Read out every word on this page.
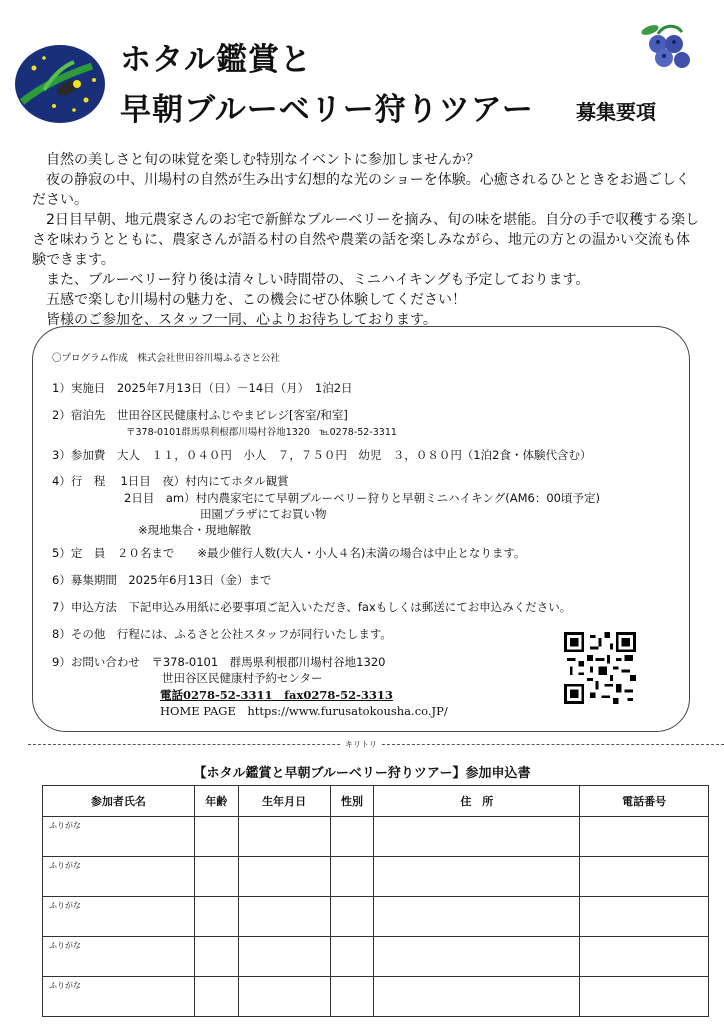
ホタル鑑賞と
早朝ブルーベリー狩りツアー 募集要項

　自然の美しさと旬の味覚を楽しむ特別なイベントに参加しませんか？

　夜の静寂の中、川場村の自然が生み出す幻想的な光のショーを体験。心癒されるひとときをお過ごしください。

　2日目早朝、地元農家さんのお宅で新鮮なブルーベリーを摘み、旬の味を堪能。自分の手で収穫する楽しさを味わうとともに、農家さんが語る村の自然や農業の話を楽しみながら、地元の方との温かい交流も体験できます。

　また、ブルーベリー狩り後は清々しい時間帯の、ミニハイキングも予定しております。

　五感で楽しむ川場村の魅力を、この機会にぜひ体験してください！

　皆様のご参加を、スタッフ一同、心よりお待ちしております。

〇プログラム作成　株式会社世田谷川場ふるさと公社
1）実施日　2025年7月13日（日）－14日（月）　1泊2日
2）宿泊先　世田谷区民健康村ふじやまビレジ[客室/和室]
〒378-0101群馬県利根郡川場村谷地1320　℡0278-52-3311
3）参加費　大人　１１，０４０円　小人　７，７５０円　幼児　３，０８０円（1泊2食・体験代含む）
4）行　程　 1日目　夜）村内にてホタル観賞
2日目　am）村内農家宅にて早朝ブルーベリー狩りと早朝ミニハイキング(AM6：00頃予定)
田園プラザにてお買い物
※現地集合・現地解散
5）定　員　２０名まで　　※最少催行人数(大人・小人４名)未満の場合は中止となります。
6）募集期間　2025年6月13日（金）まで
7）申込方法　下記申込み用紙に必要事項ご記入いただき、faxもしくは郵送にてお申込みください。
8）その他　行程には、ふるさと公社スタッフが同行いたします。
9）お問い合わせ　〒378-0101　群馬県利根郡川場村谷地1320
世田谷区民健康村予約センター
電話0278-52-3311　fax0278-52-3313
HOME PAGE　https://www.furusatokousha.co.JP/
キリトリ
【ホタル鑑賞と早朝ブルーベリー狩りツアー】参加申込書
参加者氏名	年齢	生年月日	性別	住　所	電話番号
ふりがな					
ふりがな					
ふりがな					
ふりがな					
ふりがな					
